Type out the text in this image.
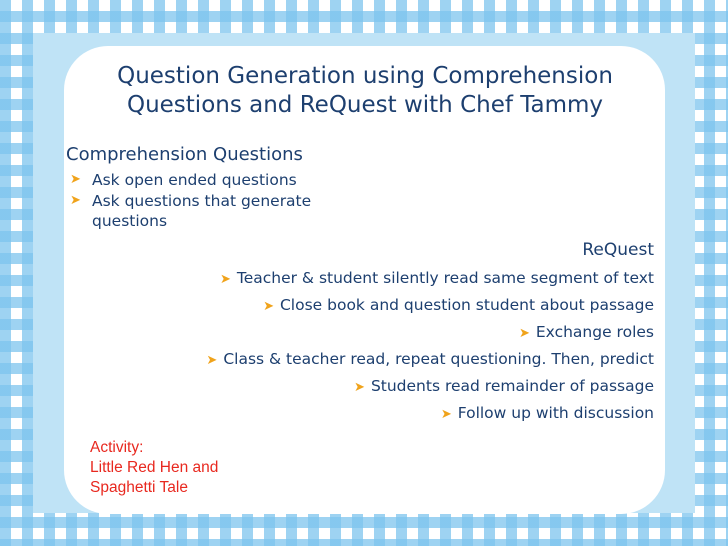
Question Generation using Comprehension
Questions and ReQuest with Chef Tammy
Comprehension Questions
➤ Ask open ended questions
➤ Ask questions that generate questions
ReQuest
➤ Teacher & student silently read same segment of text
➤ Close book and question student about passage
➤ Exchange roles
➤ Class & teacher read, repeat questioning. Then, predict
➤ Students read remainder of passage
➤ Follow up with discussion
Activity:
Little Red Hen and
Spaghetti Tale
